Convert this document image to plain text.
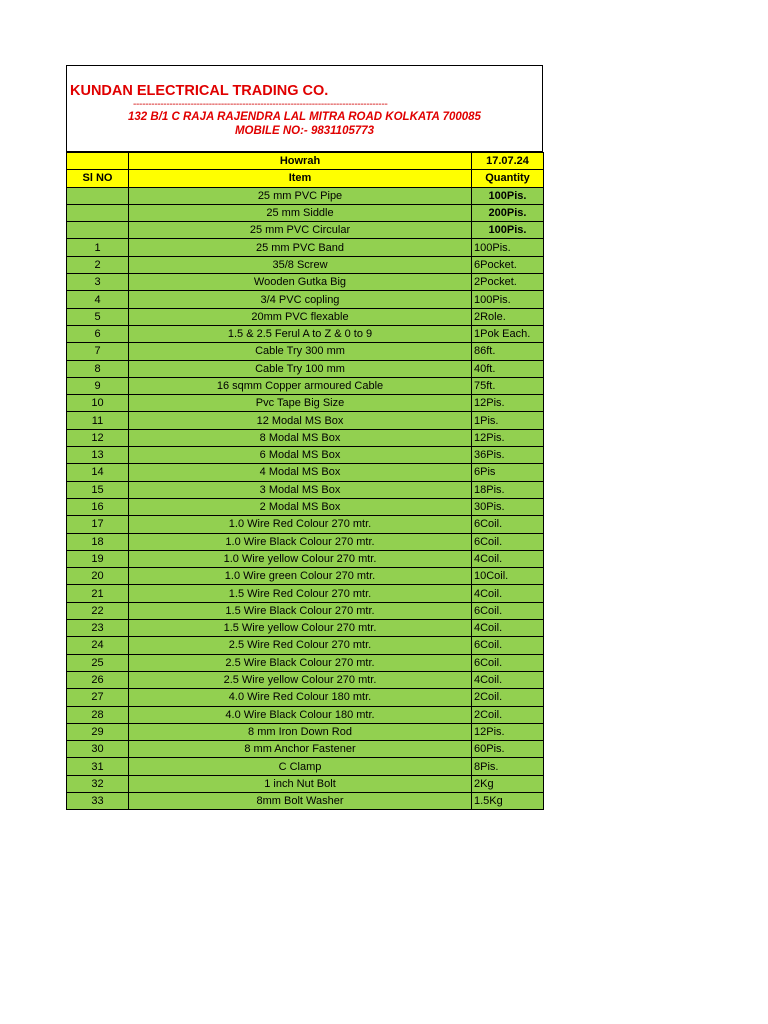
KUNDAN ELECTRICAL TRADING CO.
------------------------------------------------------------------------------------
132 B/1 C RAJA RAJENDRA LAL MITRA ROAD KOLKATA 700085
MOBILE NO:- 9831105773
	Howrah	17.07.24
Sl NO	Item	Quantity
	25 mm PVC Pipe	100Pis.
	25 mm Siddle	200Pis.
	25 mm PVC Circular	100Pis.
1	25 mm PVC Band	100Pis.
2	35/8 Screw	6Pocket.
3	Wooden Gutka Big	2Pocket.
4	3/4 PVC copling	100Pis.
5	20mm PVC flexable	2Role.
6	1.5 & 2.5 Ferul A to Z & 0 to 9	1Pok Each.
7	Cable Try 300 mm	86ft.
8	Cable Try 100 mm	40ft.
9	16 sqmm Copper armoured Cable	75ft.
10	Pvc Tape Big Size	12Pis.
11	12 Modal MS Box	1Pis.
12	8 Modal MS Box	12Pis.
13	6 Modal MS Box	36Pis.
14	4 Modal MS Box	6Pis
15	3 Modal MS Box	18Pis.
16	2 Modal MS Box	30Pis.
17	1.0 Wire Red Colour 270 mtr.	6Coil.
18	1.0 Wire Black Colour 270 mtr.	6Coil.
19	1.0 Wire yellow Colour 270 mtr.	4Coil.
20	1.0 Wire green Colour 270 mtr.	10Coil.
21	1.5 Wire Red Colour 270 mtr.	4Coil.
22	1.5 Wire Black Colour 270 mtr.	6Coil.
23	1.5 Wire yellow Colour 270 mtr.	4Coil.
24	2.5 Wire Red Colour 270 mtr.	6Coil.
25	2.5 Wire Black Colour 270 mtr.	6Coil.
26	2.5 Wire yellow Colour 270 mtr.	4Coil.
27	4.0 Wire Red Colour 180 mtr.	2Coil.
28	4.0 Wire Black Colour 180 mtr.	2Coil.
29	8 mm Iron Down Rod	12Pis.
30	8 mm Anchor Fastener	60Pis.
31	C Clamp	8Pis.
32	1 inch Nut Bolt	2Kg
33	8mm Bolt Washer	1.5Kg
